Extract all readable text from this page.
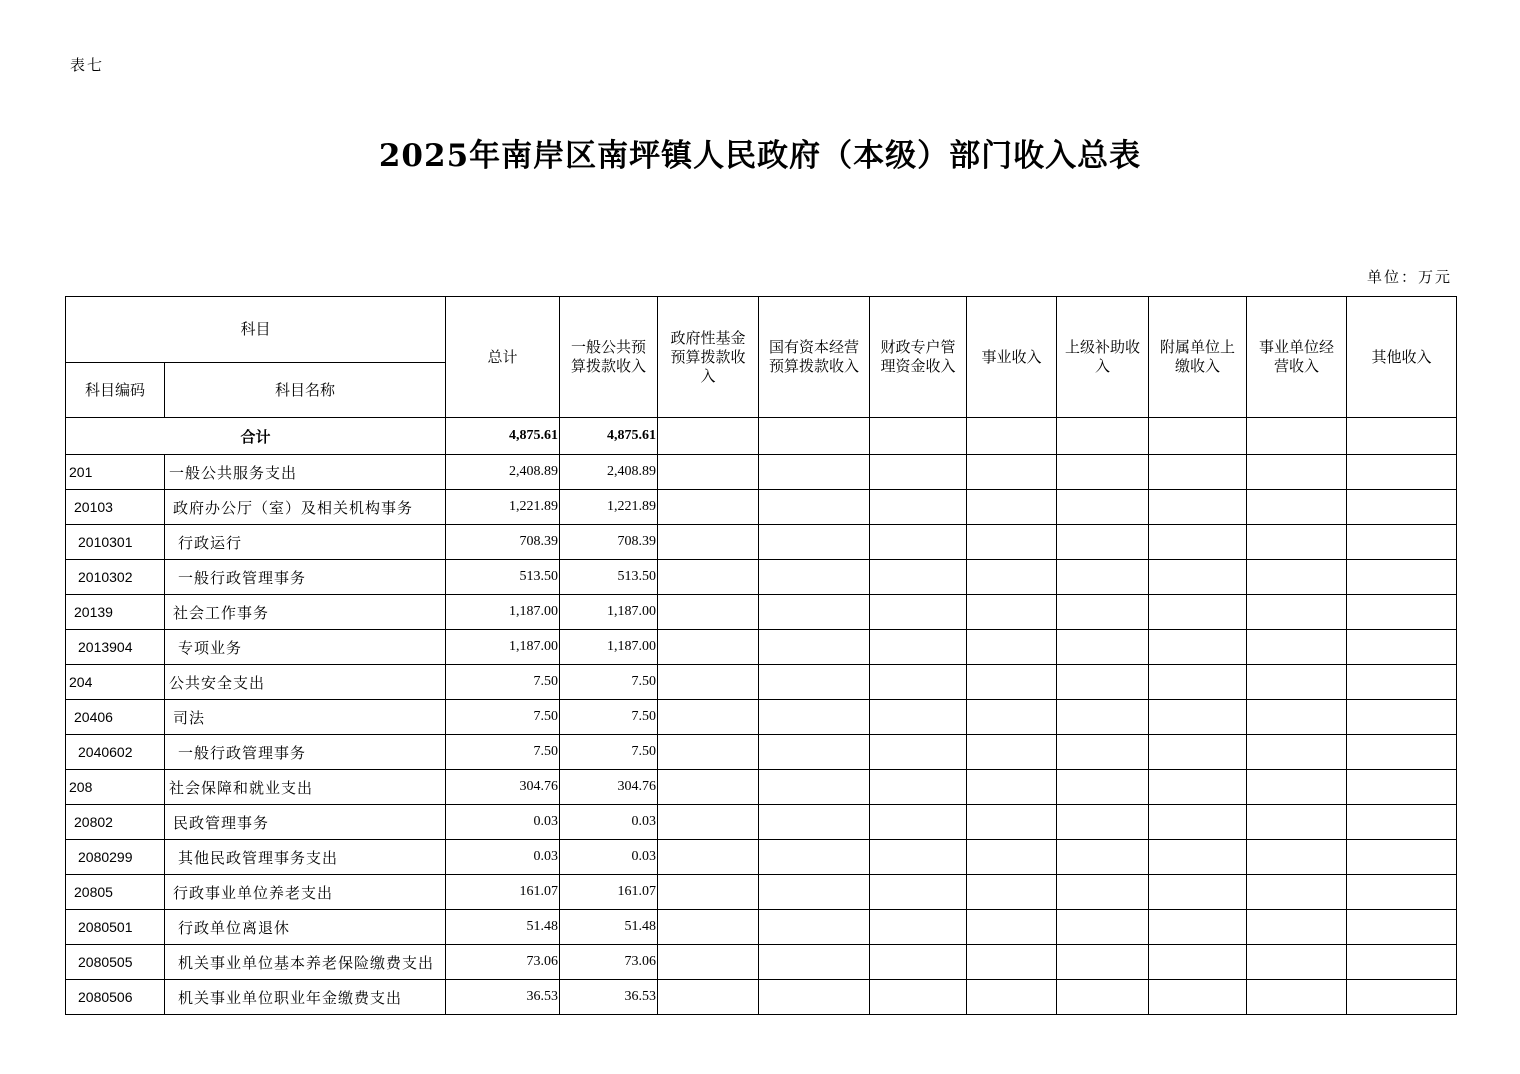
表七
2025年南岸区南坪镇人民政府（本级）部门收入总表
单位：万元
科目		总计	一般公共预算拨款收入	政府性基金预算拨款收入	国有资本经营预算拨款收入	财政专户管理资金收入	事业收入	上级补助收入	附属单位上缴收入	事业单位经营收入	其他收入
科目编码	科目名称										
合计		4,875.61	4,875.61								
201	一般公共服务支出	2,408.89	2,408.89								
20103	政府办公厅（室）及相关机构事务	1,221.89	1,221.89								
2010301	行政运行	708.39	708.39								
2010302	一般行政管理事务	513.50	513.50								
20139	社会工作事务	1,187.00	1,187.00								
2013904	专项业务	1,187.00	1,187.00								
204	公共安全支出	7.50	7.50								
20406	司法	7.50	7.50								
2040602	一般行政管理事务	7.50	7.50								
208	社会保障和就业支出	304.76	304.76								
20802	民政管理事务	0.03	0.03								
2080299	其他民政管理事务支出	0.03	0.03								
20805	行政事业单位养老支出	161.07	161.07								
2080501	行政单位离退休	51.48	51.48								
2080505	机关事业单位基本养老保险缴费支出	73.06	73.06								
2080506	机关事业单位职业年金缴费支出	36.53	36.53								
